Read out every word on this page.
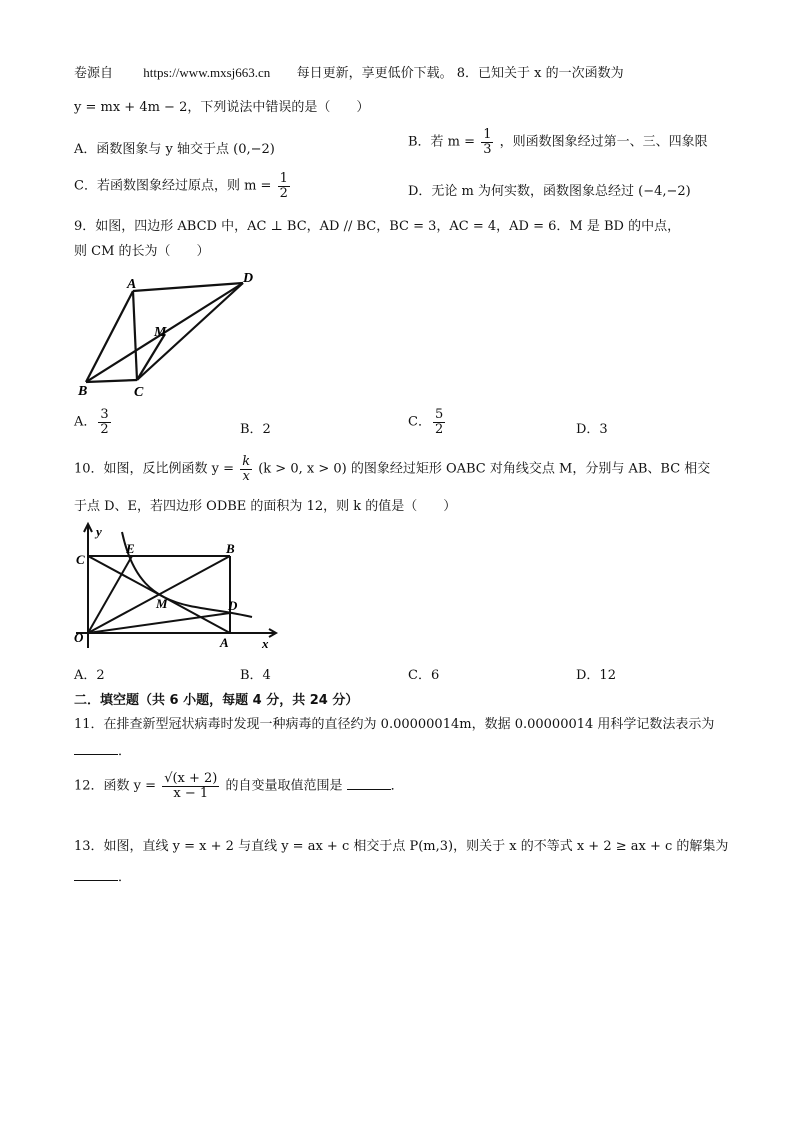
卷源自 https://www.mxsj663.cn 每日更新，享更低价下载。 8．已知关于 x 的一次函数为
y = mx + 4m − 2，下列说法中错误的是（　　）
A．函数图象与 y 轴交于点 (0,−2)	B．若 $m = \frac{1}{3}$ ，则函数图象经过第一、三、四象限
C．若函数图象经过原点，则 $m = \frac{1}{2}$	D．无论 m 为何实数，函数图象总经过 (−4,−2)
9．如图，四边形 ABCD 中，AC ⊥ BC，AD // BC，BC = 3，AC = 4，AD = 6．M 是 BD 的中点，
则 CM 的长为（　　）
A	D
M
B	C
A． $\frac{3}{2}$	B．2	C． $\frac{5}{2}$	D．3
10．如图，反比例函数 $y = \frac{k}{x} (k > 0$, x > 0) 的图象经过矩形 OABC 对角线交点 M，分别与 AB、BC 相交
于点 D、E，若四边形 ODBE 的面积为 12，则 k 的值是（　　）
y
x
C
E	B
M	D
O	A
A．2	B．4	C．6	D．12
二．填空题（共 6 小题，每题 4 分，共 24 分）
11．在排查新型冠状病毒时发现一种病毒的直径约为 0.00000014m，数据 0.00000014 用科学记数法表示为
．
12．函数 $y = \frac{√(x + 2)}{x - 1}$ 的自变量取值范围是	．
13．如图，直线 y = x + 2 与直线 y = ax + c 相交于点 P(m,3)，则关于 x 的不等式 x + 2 ≥ ax + c 的解集为
．
